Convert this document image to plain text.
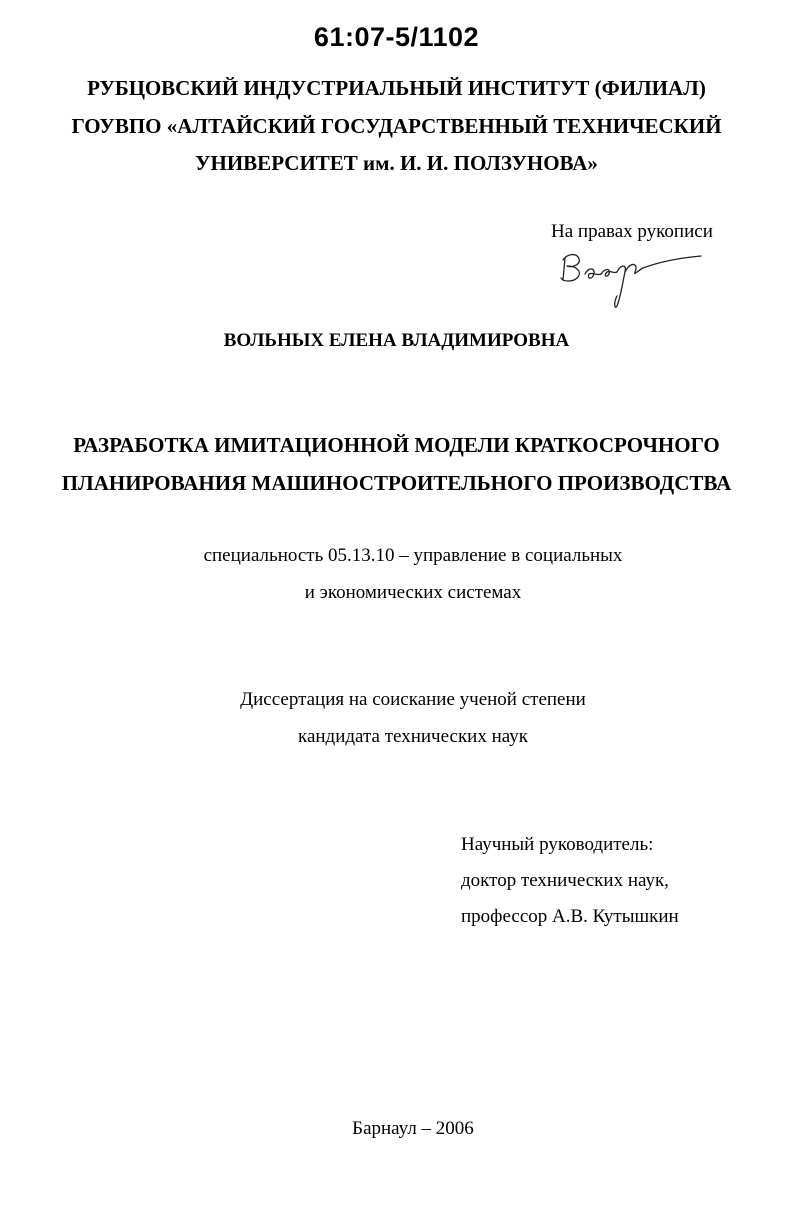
61:07-5/1102
РУБЦОВСКИЙ ИНДУСТРИАЛЬНЫЙ ИНСТИТУТ (ФИЛИАЛ)
ГОУВПО «АЛТАЙСКИЙ ГОСУДАРСТВЕННЫЙ ТЕХНИЧЕСКИЙ
УНИВЕРСИТЕТ им. И. И. ПОЛЗУНОВА»
На правах рукописи
ВОЛЬНЫХ ЕЛЕНА ВЛАДИМИРОВНА
РАЗРАБОТКА ИМИТАЦИОННОЙ МОДЕЛИ КРАТКОСРОЧНОГО
ПЛАНИРОВАНИЯ МАШИНОСТРОИТЕЛЬНОГО ПРОИЗВОДСТВА
специальность 05.13.10 – управление в социальных
и экономических системах
Диссертация на соискание ученой степени
кандидата технических наук
Научный руководитель:
доктор технических наук,
профессор А.В. Кутышкин
Барнаул – 2006
